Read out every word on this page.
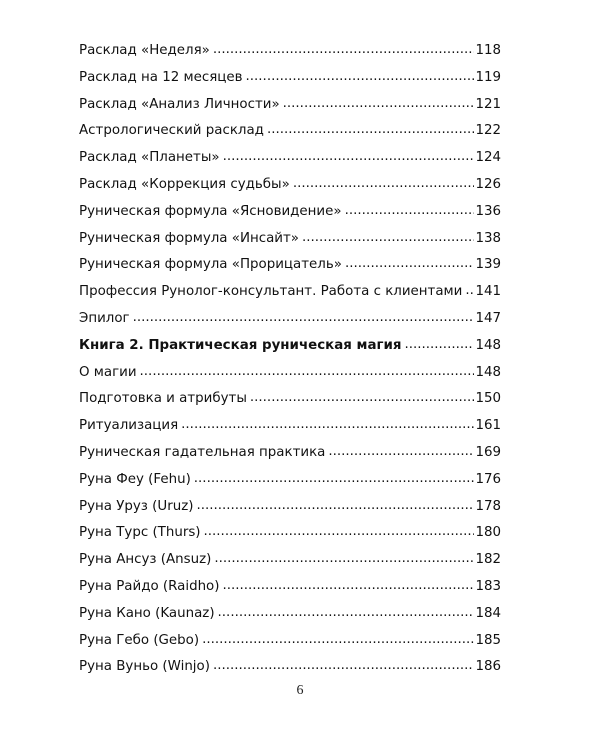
Расклад «Неделя» .....	118
Расклад на 12 месяцев .....	119
Расклад «Анализ Личности» .....	121
Астрологический расклад .....	122
Расклад «Планеты» .....	124
Расклад «Коррекция судьбы» .....	126
Руническая формула «Ясновидение» .....	136
Руническая формула «Инсайт» .....	138
Руническая формула «Прорицатель» .....	139
Профессия Рунолог-консультант. Работа с клиентами ..... 141
Эпилог .....	147
Книга 2. Практическая руническая магия .....	148
О магии .....	148
Подготовка и атрибуты .....	150
Ритуализация .....	161
Руническая гадательная практика .....	169
Руна Феу (Fehu) .....	176
Руна Уруз (Uruz) .....	178
Руна Турс (Thurs) .....	180
Руна Ансуз (Ansuz) .....	182
Руна Райдо (Raidho) .....	183
Руна Кано (Kaunaz) .....	184
Руна Гебо (Gebo) .....	185
Руна Вуньо (Winjo) .....	186
6
